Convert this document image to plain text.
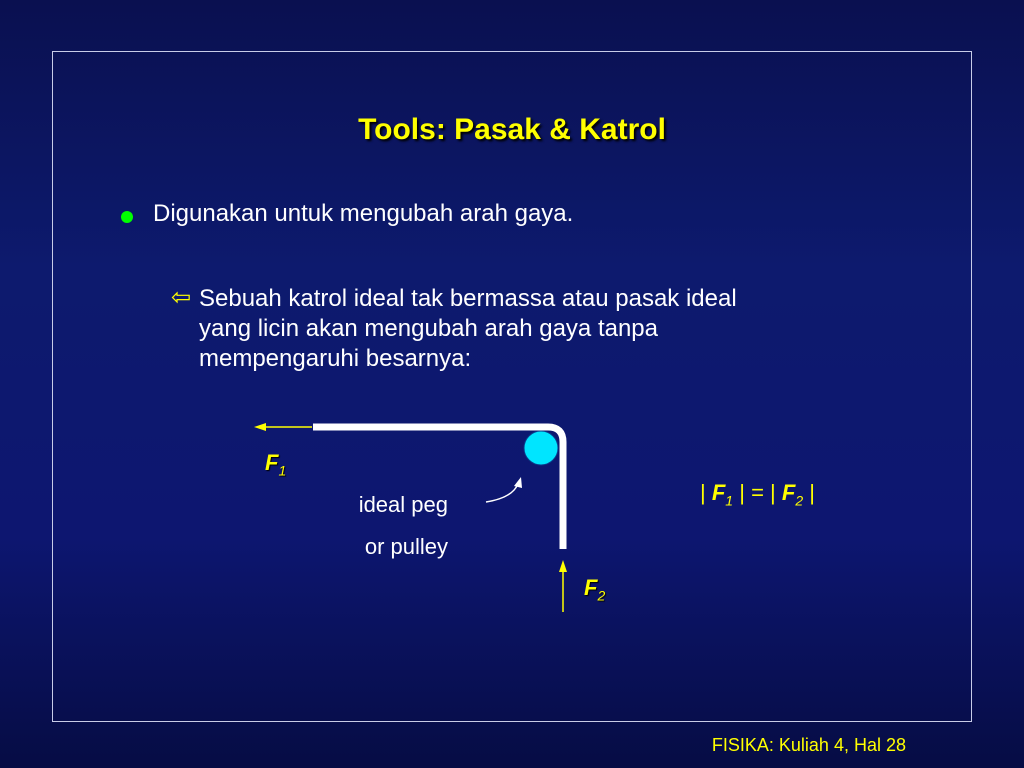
Tools: Pasak & Katrol
Digunakan untuk mengubah arah gaya.
⇦ Sebuah katrol ideal tak bermassa atau pasak ideal
yang licin akan mengubah arah gaya tanpa
mempengaruhi besarnya:
$F_1$
$F_2$
ideal peg
or pulley
| $F_1$ | = | $F_2$ |
FISIKA: Kuliah 4, Hal 28
